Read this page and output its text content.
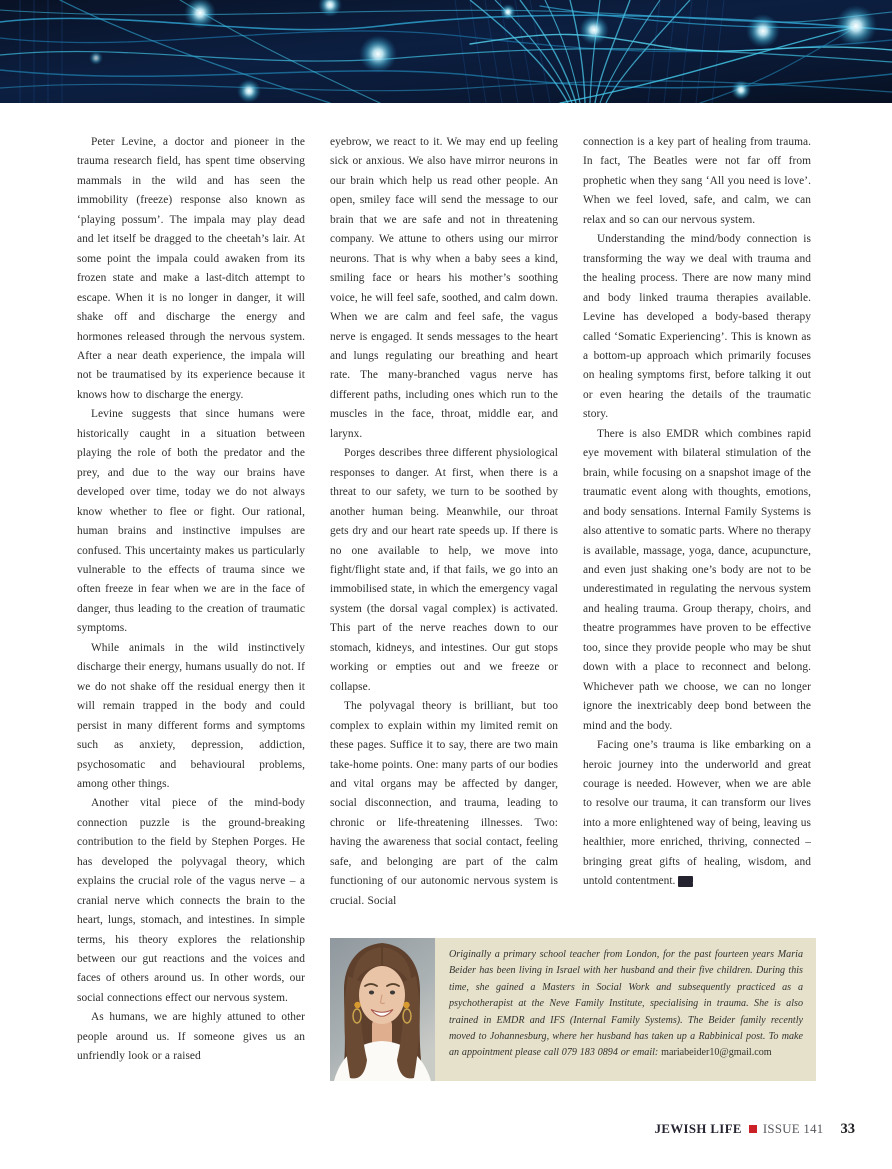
Peter Levine, a doctor and pioneer in the trauma research field, has spent time observing mammals in the wild and has seen the immobility (freeze) response also known as ‘playing possum’. The impala may play dead and let itself be dragged to the cheetah’s lair. At some point the impala could awaken from its frozen state and make a last-ditch attempt to escape. When it is no longer in danger, it will shake off and discharge the energy and hormones released through the nervous system. After a near death experience, the impala will not be traumatised by its experience because it knows how to discharge the energy.

Levine suggests that since humans were historically caught in a situation between playing the role of both the predator and the prey, and due to the way our brains have developed over time, today we do not always know whether to flee or fight. Our rational, human brains and instinctive impulses are confused. This uncertainty makes us particularly vulnerable to the effects of trauma since we often freeze in fear when we are in the face of danger, thus leading to the creation of traumatic symptoms.

While animals in the wild instinctively discharge their energy, humans usually do not. If we do not shake off the residual energy then it will remain trapped in the body and could persist in many different forms and symptoms such as anxiety, depression, addiction, psychosomatic and behavioural problems, among other things.

Another vital piece of the mind-body connection puzzle is the ground-breaking contribution to the field by Stephen Porges. He has developed the polyvagal theory, which explains the crucial role of the vagus nerve – a cranial nerve which connects the brain to the heart, lungs, stomach, and intestines. In simple terms, his theory explores the relationship between our gut reactions and the voices and faces of others around us. In other words, our social connections effect our nervous system.

As humans, we are highly attuned to other people around us. If someone gives us an unfriendly look or a raised

eyebrow, we react to it. We may end up feeling sick or anxious. We also have mirror neurons in our brain which help us read other people. An open, smiley face will send the message to our brain that we are safe and not in threatening company. We attune to others using our mirror neurons. That is why when a baby sees a kind, smiling face or hears his mother’s soothing voice, he will feel safe, soothed, and calm down. When we are calm and feel safe, the vagus nerve is engaged. It sends messages to the heart and lungs regulating our breathing and heart rate. The many-branched vagus nerve has different paths, including ones which run to the muscles in the face, throat, middle ear, and larynx.

Porges describes three different physiological responses to danger. At first, when there is a threat to our safety, we turn to be soothed by another human being. Meanwhile, our throat gets dry and our heart rate speeds up. If there is no one available to help, we move into fight/flight state and, if that fails, we go into an immobilised state, in which the emergency vagal system (the dorsal vagal complex) is activated. This part of the nerve reaches down to our stomach, kidneys, and intestines. Our gut stops working or empties out and we freeze or collapse.

The polyvagal theory is brilliant, but too complex to explain within my limited remit on these pages. Suffice it to say, there are two main take-home points. One: many parts of our bodies and vital organs may be affected by danger, social disconnection, and trauma, leading to chronic or life-threatening illnesses. Two: having the awareness that social contact, feeling safe, and belonging are part of the calm functioning of our autonomic nervous system is crucial. Social

connection is a key part of healing from trauma. In fact, The Beatles were not far off from prophetic when they sang ‘All you need is love’. When we feel loved, safe, and calm, we can relax and so can our nervous system.

Understanding the mind/body connection is transforming the way we deal with trauma and the healing process. There are now many mind and body linked trauma therapies available. Levine has developed a body-based therapy called ‘Somatic Experiencing’. This is known as a bottom-up approach which primarily focuses on healing symptoms first, before talking it out or even hearing the details of the traumatic story.

There is also EMDR which combines rapid eye movement with bilateral stimulation of the brain, while focusing on a snapshot image of the traumatic event along with thoughts, emotions, and body sensations. Internal Family Systems is also attentive to somatic parts. Where no therapy is available, massage, yoga, dance, acupuncture, and even just shaking one’s body are not to be underestimated in regulating the nervous system and healing trauma. Group therapy, choirs, and theatre programmes have proven to be effective too, since they provide people who may be shut down with a place to reconnect and belong. Whichever path we choose, we can no longer ignore the inextricably deep bond between the mind and the body.

Facing one’s trauma is like embarking on a heroic journey into the underworld and great courage is needed. However, when we are able to resolve our trauma, it can transform our lives into a more enlightened way of being, leaving us healthier, more enriched, thriving, connected – bringing great gifts of healing, wisdom, and untold contentment. JL

Originally a primary school teacher from London, for the past fourteen years Maria Beider has been living in Israel with her husband and their five children. During this time, she gained a Masters in Social Work and subsequently practiced as a psychotherapist at the Neve Family Institute, specialising in trauma. She is also trained in EMDR and IFS (Internal Family Systems). The Beider family recently moved to Johannesburg, where her husband has taken up a Rabbinical post. To make an appointment please call 079 183 0894 or email: mariabeider10@gmail.com
JEWISH LIFE ISSUE 141 33
